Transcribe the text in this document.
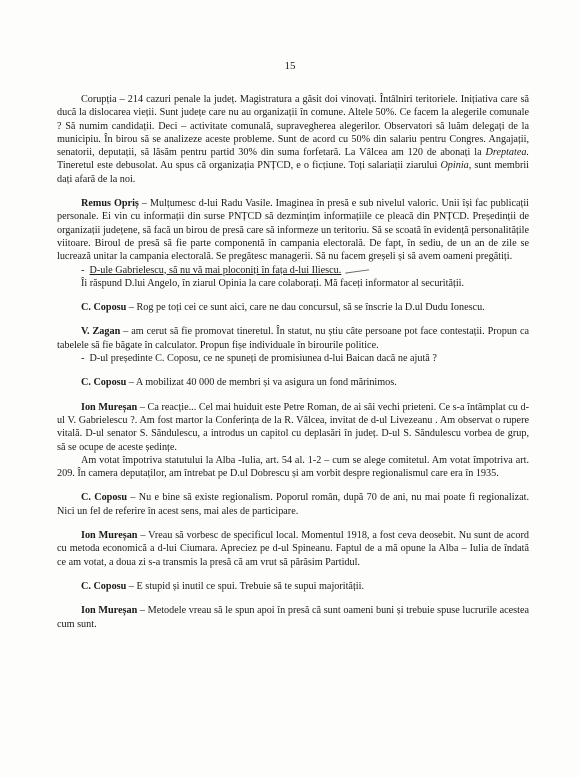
15

Corupția – 214 cazuri penale la județ. Magistratura a găsit doi vinovați. Întâlniri teritoriele. Inițiativa care să ducă la dislocarea vieții. Sunt județe care nu au organizații în comune. Altele 50%. Ce facem la alegerile comunale ? Să numim candidații. Deci – activitate comunală, supravegherea alegerilor. Observatori să luăm delegați de la municipiu. În birou să se analizeze aceste probleme. Sunt de acord cu 50% din salariu pentru Congres. Angajații, senatorii, deputații, să lăsăm pentru partid 30% din suma forfetară. La Vâlcea am 120 de abonați la Dreptatea. Tineretul este debusolat. Au spus că organizația PNȚCD, e o ficțiune. Toți salariații ziarului Opinia, sunt membrii dați afară de la noi.

Remus Opriș – Mulțumesc d-lui Radu Vasile. Imaginea în presă e sub nivelul valoric. Unii își fac publicații personale. Ei vin cu informații din surse PNȚCD să dezmințim informațiile ce pleacă din PNȚCD. Președinții de organizații județene, să facă un birou de presă care să informeze un teritoriu. Să se scoată în evidență personalitățile viitoare. Biroul de presă să fie parte componentă în campania electorală. De fapt, în sediu, de un an de zile se lucrează unitar la campania electorală. Se pregătesc managerii. Să nu facem greșeli și să avem oameni pregătiți.

-  D-ule Gabrielescu, să nu vă mai ploconiți în fața d-lui Iliescu.

Îi răspund D.lui Angelo, în ziarul Opinia la care colaborați. Mă faceți informator al securității.

C. Coposu – Rog pe toți cei ce sunt aici, care ne dau concursul, să se înscrie la D.ul Dudu Ionescu.

V. Zagan – am cerut să fie promovat tineretul. În statut, nu știu câte persoane pot face contestații. Propun ca tabelele să fie băgate în calculator. Propun fișe individuale în birourile politice.

-  D-ul președinte C. Coposu, ce ne spuneți de promisiunea d-lui Baican dacă ne ajută ?

C. Coposu – A mobilizat 40 000 de membri și va asigura un fond mărinimos.

Ion Mureșan – Ca reacție... Cel mai huiduit este Petre Roman, de ai săi vechi prieteni. Ce s-a întâmplat cu d-ul V. Gabrielescu ?. Am fost martor la Conferința de la R. Vâlcea, invitat de d-ul Livezeanu . Am observat o rupere vitală. D-ul senator S. Săndulescu, a introdus un capitol cu deplasări în județ. D-ul S. Săndulescu vorbea de grup, să se ocupe de aceste ședințe.

Am votat împotriva statutului la Alba -Iulia, art. 54 al. 1-2 – cum se alege comitetul. Am votat împotriva art. 209. În camera deputaților, am întrebat pe D.ul Dobrescu și am vorbit despre regionalismul care era în 1935.

C. Coposu – Nu e bine să existe regionalism. Poporul român, după 70 de ani, nu mai poate fi regionalizat. Nici un fel de referire în acest sens, mai ales de participare.

Ion Mureșan – Vreau să vorbesc de specificul local. Momentul 1918, a fost ceva deosebit. Nu sunt de acord cu metoda economică a d-lui Ciumara. Apreciez pe d-ul Spineanu. Faptul de a mă opune la Alba – Iulia de îndată ce am votat, a doua zi s-a transmis la presă că am vrut să părăsim Partidul.

C. Coposu – E stupid și inutil ce spui. Trebuie să te supui majorității.

Ion Mureșan – Metodele vreau să le spun apoi în presă că sunt oameni buni și trebuie spuse lucrurile acestea cum sunt.
